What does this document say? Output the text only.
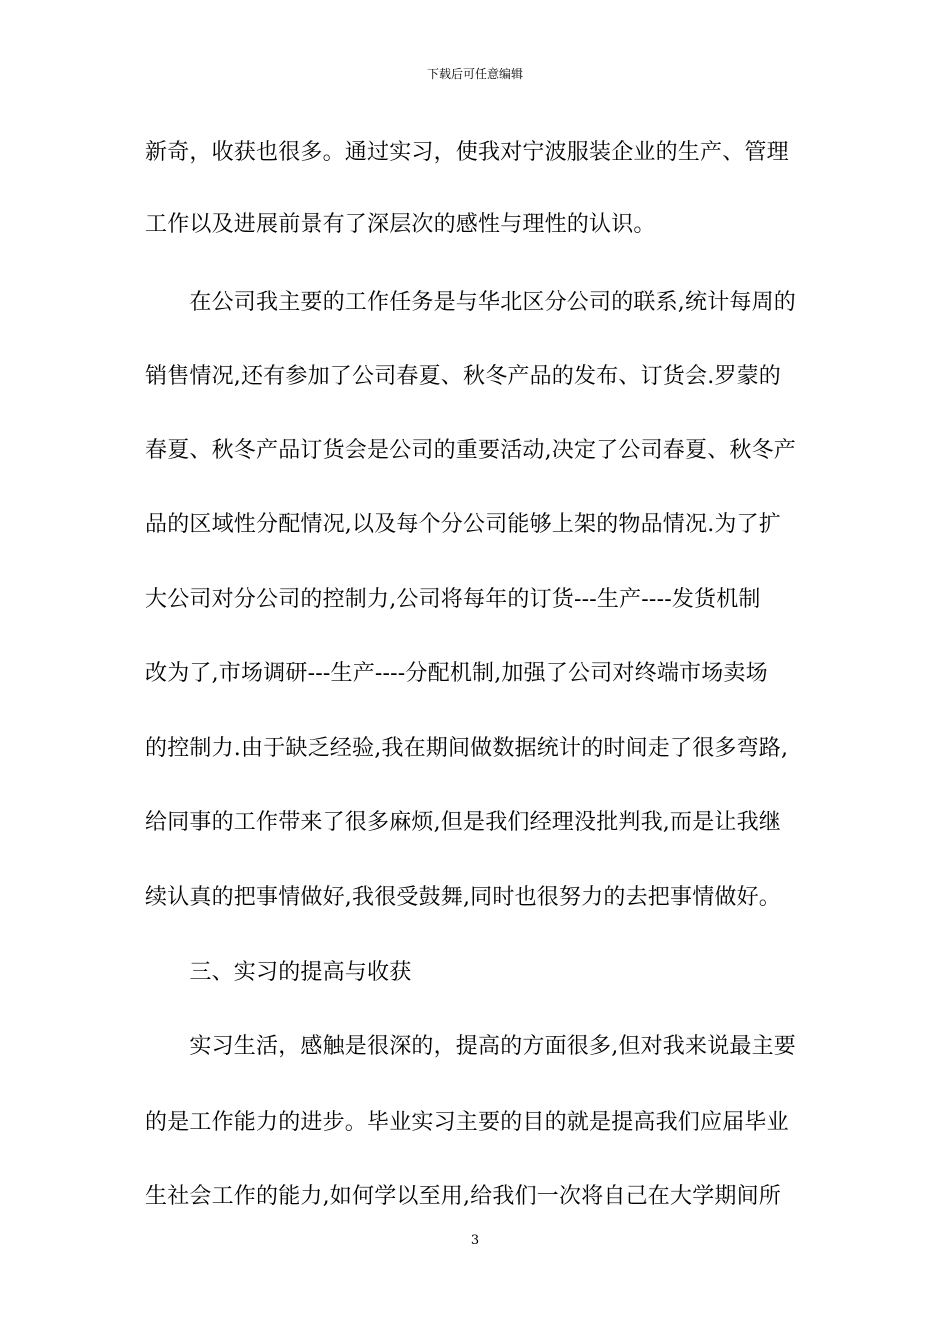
下载后可任意编辑
新奇，收获也很多。通过实习，使我对宁波服装企业的生产、管理
工作以及进展前景有了深层次的感性与理性的认识。
　　在公司我主要的工作任务是与华北区分公司的联系,统计每周的
销售情况,还有参加了公司春夏、秋冬产品的发布、订货会.罗蒙的
春夏、秋冬产品订货会是公司的重要活动,决定了公司春夏、秋冬产
品的区域性分配情况,以及每个分公司能够上架的物品情况.为了扩
大公司对分公司的控制力,公司将每年的订货---生产----发货机制
改为了,市场调研---生产----分配机制,加强了公司对终端市场卖场
的控制力.由于缺乏经验,我在期间做数据统计的时间走了很多弯路,
给同事的工作带来了很多麻烦,但是我们经理没批判我,而是让我继
续认真的把事情做好,我很受鼓舞,同时也很努力的去把事情做好。
　　三、实习的提高与收获
　　实习生活，感触是很深的，提高的方面很多,但对我来说最主要
的是工作能力的进步。毕业实习主要的目的就是提高我们应届毕业
生社会工作的能力,如何学以至用,给我们一次将自己在大学期间所
3
